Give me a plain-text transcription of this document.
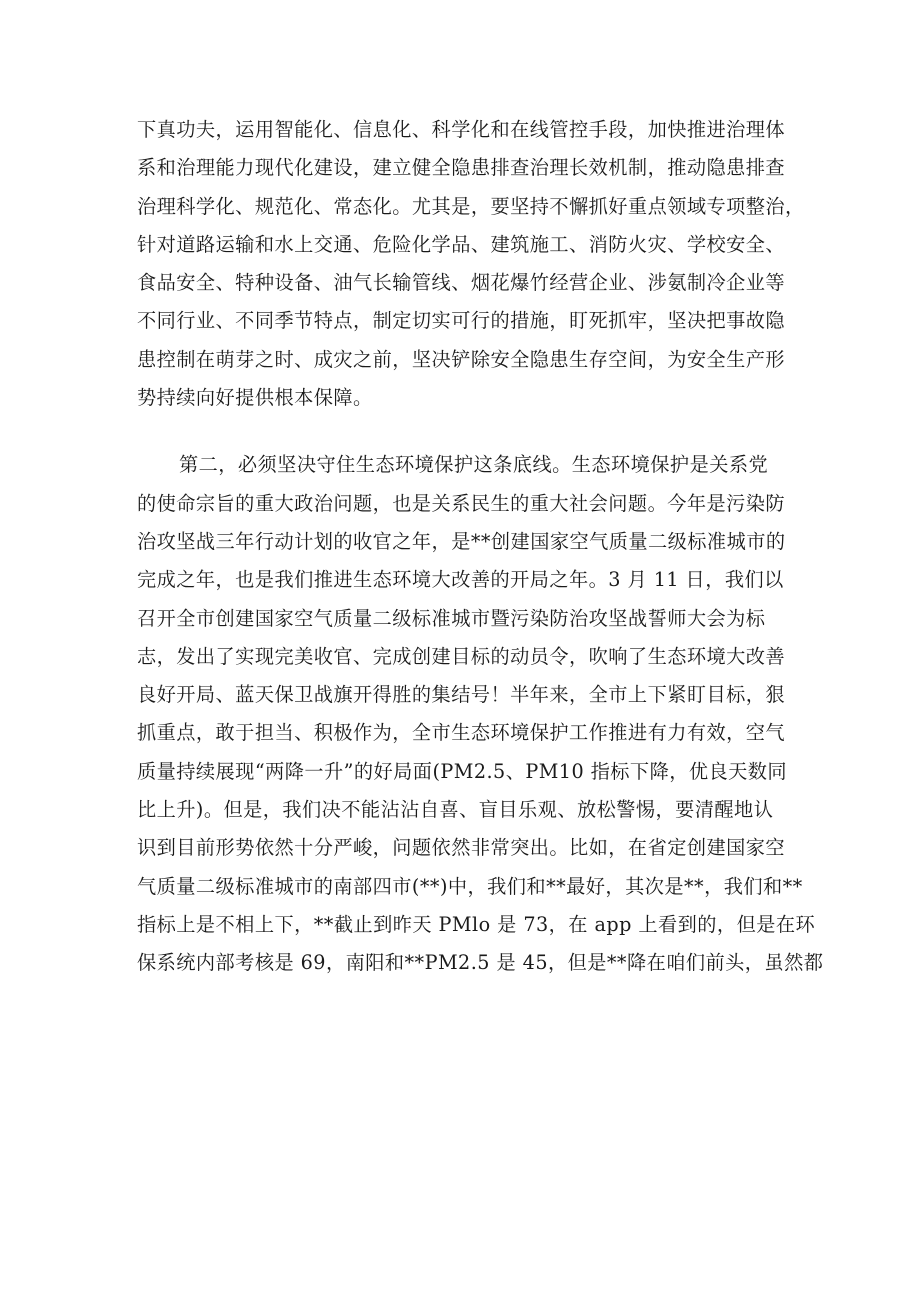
下真功夫，运用智能化、信息化、科学化和在线管控手段，加快推进治理体
系和治理能力现代化建设，建立健全隐患排查治理长效机制，推动隐患排查
治理科学化、规范化、常态化。尤其是，要坚持不懈抓好重点领域专项整治，
针对道路运输和水上交通、危险化学品、建筑施工、消防火灾、学校安全、
食品安全、特种设备、油气长输管线、烟花爆竹经营企业、涉氨制冷企业等
不同行业、不同季节特点，制定切实可行的措施，盯死抓牢，坚决把事故隐
患控制在萌芽之时、成灾之前，坚决铲除安全隐患生存空间，为安全生产形
势持续向好提供根本保障。
第二，必须坚决守住生态环境保护这条底线。生态环境保护是关系党
的使命宗旨的重大政治问题，也是关系民生的重大社会问题。今年是污染防
治攻坚战三年行动计划的收官之年，是**创建国家空气质量二级标准城市的
完成之年，也是我们推进生态环境大改善的开局之年。3 月 11 日，我们以
召开全市创建国家空气质量二级标准城市暨污染防治攻坚战誓师大会为标
志，发出了实现完美收官、完成创建目标的动员令，吹响了生态环境大改善
良好开局、蓝天保卫战旗开得胜的集结号！半年来，全市上下紧盯目标，狠
抓重点，敢于担当、积极作为，全市生态环境保护工作推进有力有效，空气
质量持续展现“两降一升”的好局面(PM2.5、PM10 指标下降，优良天数同
比上升)。但是，我们决不能沾沾自喜、盲目乐观、放松警惕，要清醒地认
识到目前形势依然十分严峻，问题依然非常突出。比如，在省定创建国家空
气质量二级标准城市的南部四市(**)中，我们和**最好，其次是**，我们和**
指标上是不相上下，**截止到昨天 PMlo 是 73，在 app 上看到的，但是在环
保系统内部考核是 69，南阳和**PM2.5 是 45，但是**降在咱们前头，虽然都
